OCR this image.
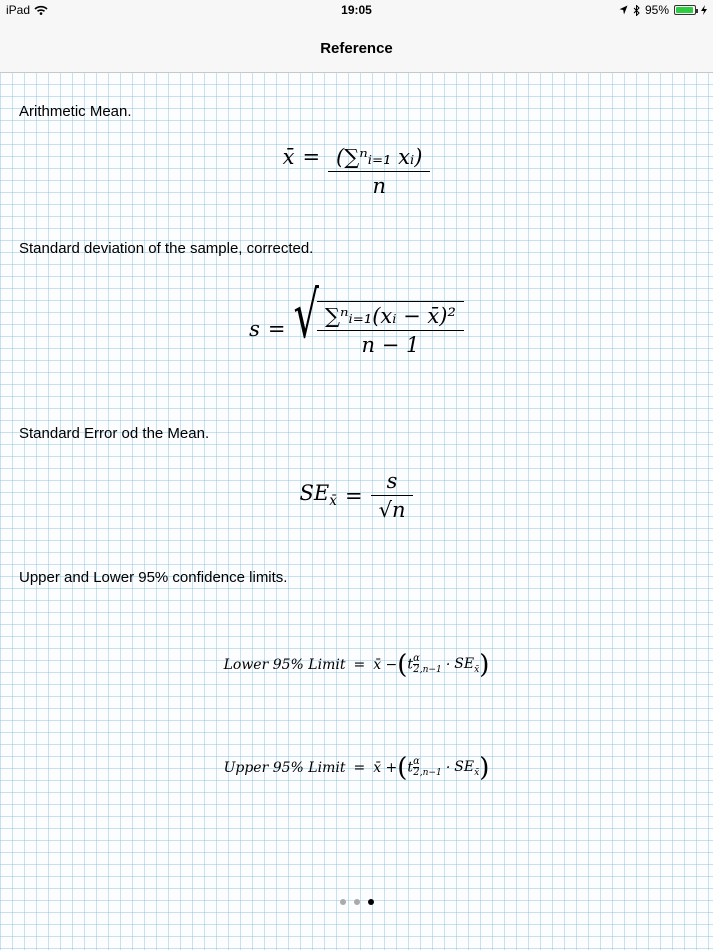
iPad	19:05	95%
Reference
Arithmetic Mean.
x̄ = $\frac{\text{(∑ⁿᵢ₌₁ xᵢ)}}{n}$
Standard deviation of the sample, corrected.
s = √ $\frac{\text{∑ⁿᵢ₌₁(xᵢ − x̄)²}}{n - 1}$
Standard Error od the Mean.
$SE_{x̄} = \frac{s}{√n}$
Upper and Lower 95% confidence limits.
Lower 95% Limit = x̄ − ( t $\frac{\alpha}{2} _{,n-1} \cdot SE_{x̄}$ )
Upper 95% Limit = x̄ + ( t $\frac{\alpha}{2} _{,n-1} \cdot SE_{x̄}$ )
